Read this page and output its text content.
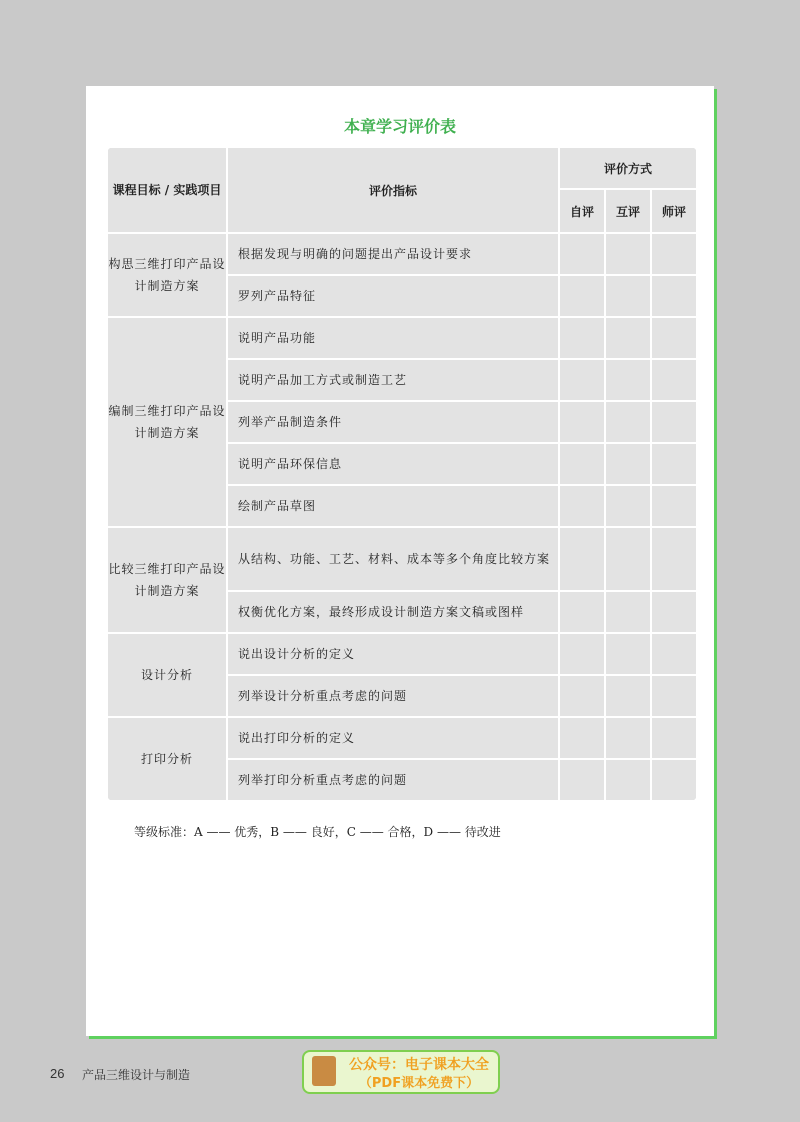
本章学习评价表
课程目标 / 实践项目	评价指标	评价方式		
		自评	互评	师评
构思三维打印产品设计制造方案	根据发现与明确的问题提出产品设计要求			
	罗列产品特征			
编制三维打印产品设计制造方案	说明产品功能			
	说明产品加工方式或制造工艺			
	列举产品制造条件			
	说明产品环保信息			
	绘制产品草图			
比较三维打印产品设计制造方案	从结构、功能、工艺、材料、成本等多个角度比较方案			
	权衡优化方案，最终形成设计制造方案文稿或图样			
设计分析	说出设计分析的定义			
	列举设计分析重点考虑的问题			
打印分析	说出打印分析的定义			
	列举打印分析重点考虑的问题			
等级标准：A —— 优秀，B —— 良好，C —— 合格，D —— 待改进
26 产品三维设计与制造
公众号：电子课本大全
（PDF课本免费下）
